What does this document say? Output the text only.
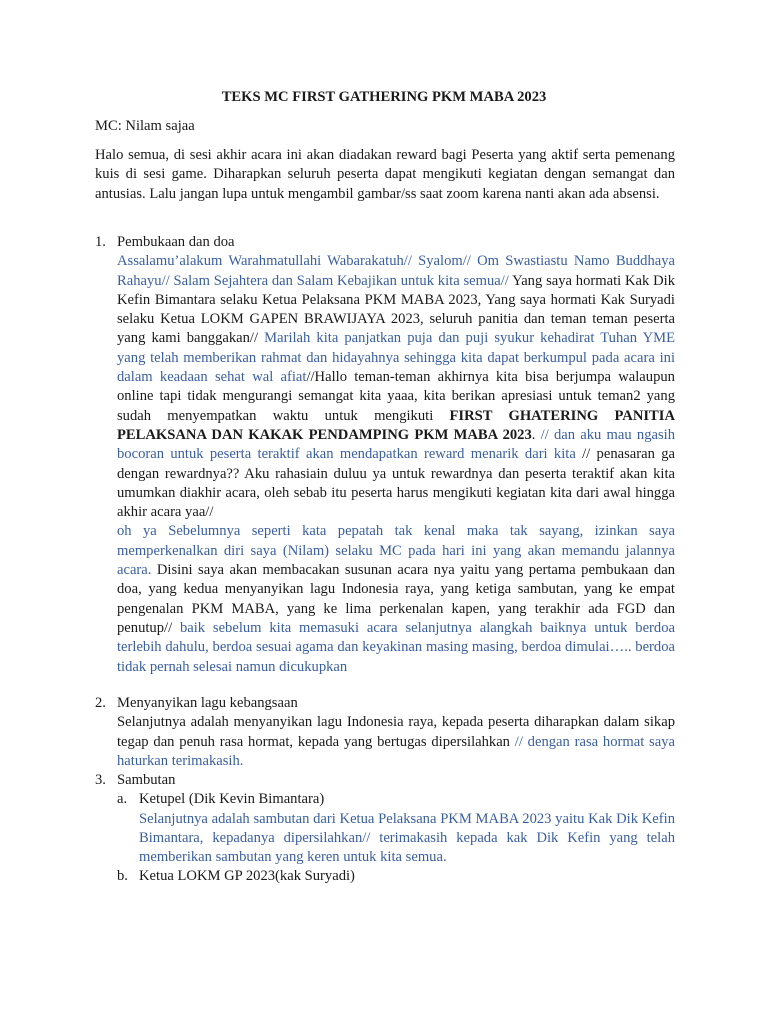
TEKS MC FIRST GATHERING PKM MABA 2023
MC: Nilam sajaa
Halo semua, di sesi akhir acara ini akan diadakan reward bagi Peserta yang aktif serta pemenang kuis di sesi game. Diharapkan seluruh peserta dapat mengikuti kegiatan dengan semangat dan antusias. Lalu jangan lupa untuk mengambil gambar/ss saat zoom karena nanti akan ada absensi.
1. Pembukaan dan doa
Assalamu’alakum Warahmatullahi Wabarakatuh// Syalom// Om Swastiastu Namo Buddhaya Rahayu// Salam Sejahtera dan Salam Kebajikan untuk kita semua// Yang saya hormati Kak Dik Kefin Bimantara selaku Ketua Pelaksana PKM MABA 2023, Yang saya hormati Kak Suryadi selaku Ketua LOKM GAPEN BRAWIJAYA 2023, seluruh panitia dan teman teman peserta yang kami banggakan// Marilah kita panjatkan puja dan puji syukur kehadirat Tuhan YME yang telah memberikan rahmat dan hidayahnya sehingga kita dapat berkumpul pada acara ini dalam keadaan sehat wal afiat//Hallo teman-teman akhirnya kita bisa berjumpa walaupun online tapi tidak mengurangi semangat kita yaaa, kita berikan apresiasi untuk teman2 yang sudah menyempatkan waktu untuk mengikuti FIRST GHATERING PANITIA PELAKSANA DAN KAKAK PENDAMPING PKM MABA 2023. // dan aku mau ngasih bocoran untuk peserta teraktif akan mendapatkan reward menarik dari kita // penasaran ga dengan rewardnya?? Aku rahasiain duluu ya untuk rewardnya dan peserta teraktif akan kita umumkan diakhir acara, oleh sebab itu peserta harus mengikuti kegiatan kita dari awal hingga akhir acara yaa//
oh ya Sebelumnya seperti kata pepatah tak kenal maka tak sayang, izinkan saya memperkenalkan diri saya (Nilam) selaku MC pada hari ini yang akan memandu jalannya acara. Disini saya akan membacakan susunan acara nya yaitu yang pertama pembukaan dan doa, yang kedua menyanyikan lagu Indonesia raya, yang ketiga sambutan, yang ke empat pengenalan PKM MABA, yang ke lima perkenalan kapen, yang terakhir ada FGD dan penutup// baik sebelum kita memasuki acara selanjutnya alangkah baiknya untuk berdoa terlebih dahulu, berdoa sesuai agama dan keyakinan masing masing, berdoa dimulai….. berdoa tidak pernah selesai namun dicukupkan
2. Menyanyikan lagu kebangsaan
Selanjutnya adalah menyanyikan lagu Indonesia raya, kepada peserta diharapkan dalam sikap tegap dan penuh rasa hormat, kepada yang bertugas dipersilahkan // dengan rasa hormat saya haturkan terimakasih.
3. Sambutan
a. Ketupel (Dik Kevin Bimantara)
Selanjutnya adalah sambutan dari Ketua Pelaksana PKM MABA 2023 yaitu Kak Dik Kefin Bimantara, kepadanya dipersilahkan// terimakasih kepada kak Dik Kefin yang telah memberikan sambutan yang keren untuk kita semua.
b. Ketua LOKM GP 2023(kak Suryadi)
